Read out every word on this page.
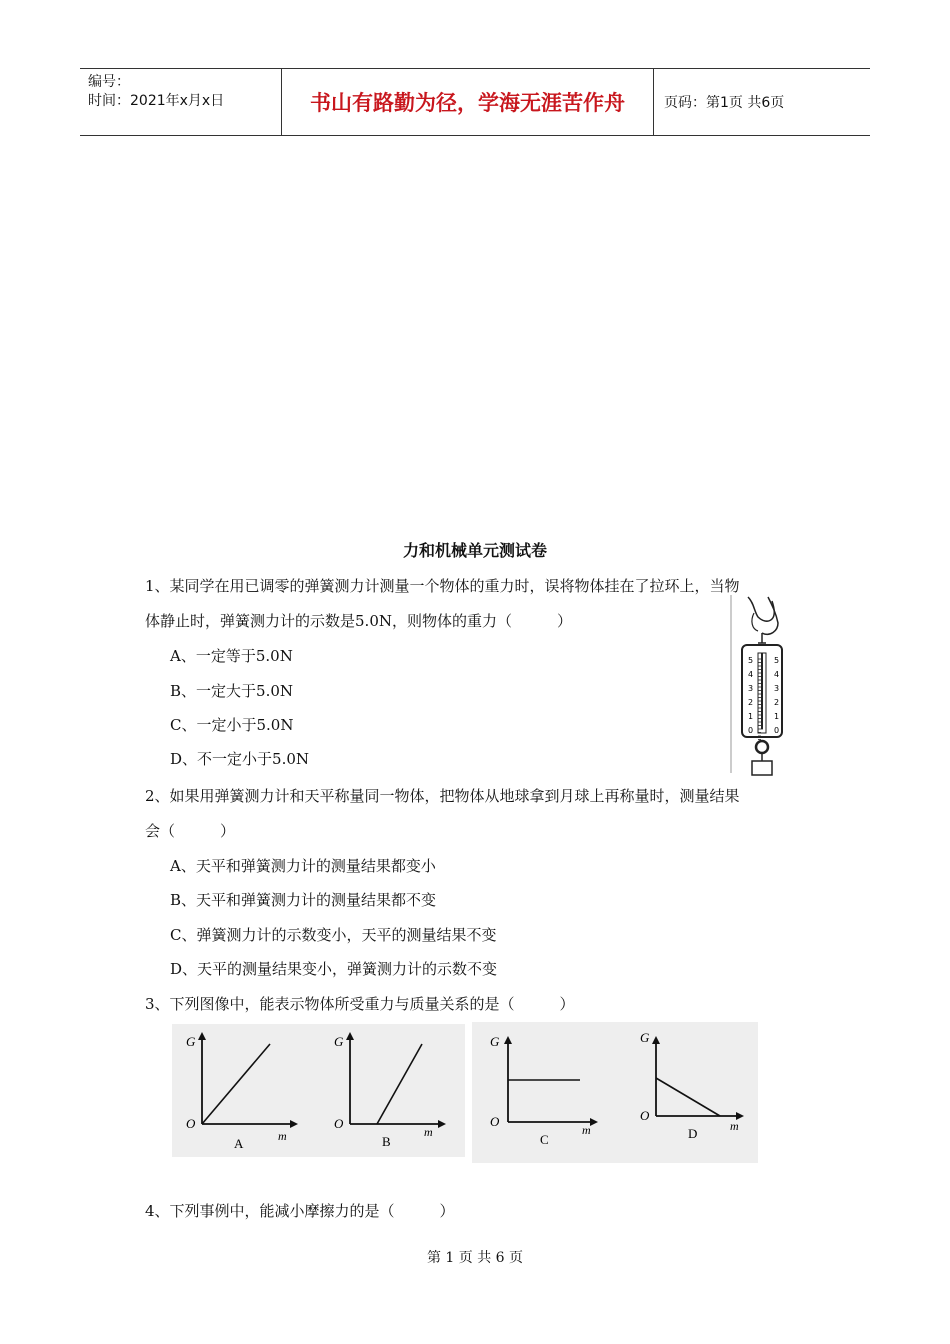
编号：
时间：2021年x月x日	书山有路勤为径，学海无涯苦作舟	页码：第1页 共6页
力和机械单元测试卷
1、某同学在用已调零的弹簧测力计测量一个物体的重力时，误将物体挂在了拉环上，当物
体静止时，弹簧测力计的示数是5.0N，则物体的重力（　　　）
A、一定等于5.0N
B、一定大于5.0N
C、一定小于5.0N
D、不一定小于5.0N
5	5
4	4
3	3
2	2
1	1
0	0
2、如果用弹簧测力计和天平称量同一物体，把物体从地球拿到月球上再称量时，测量结果
会（　　　）
A、天平和弹簧测力计的测量结果都变小
B、天平和弹簧测力计的测量结果都不变
C、弹簧测力计的示数变小，天平的测量结果不变
D、天平的测量结果变小，弹簧测力计的示数不变
3、下列图像中，能表示物体所受重力与质量关系的是（　　　）
G
O
m
A
G
O
m
B
G
O
m
C
G
O
m
D
4、下列事例中，能减小摩擦力的是（　　　）
第 1 页 共 6 页
